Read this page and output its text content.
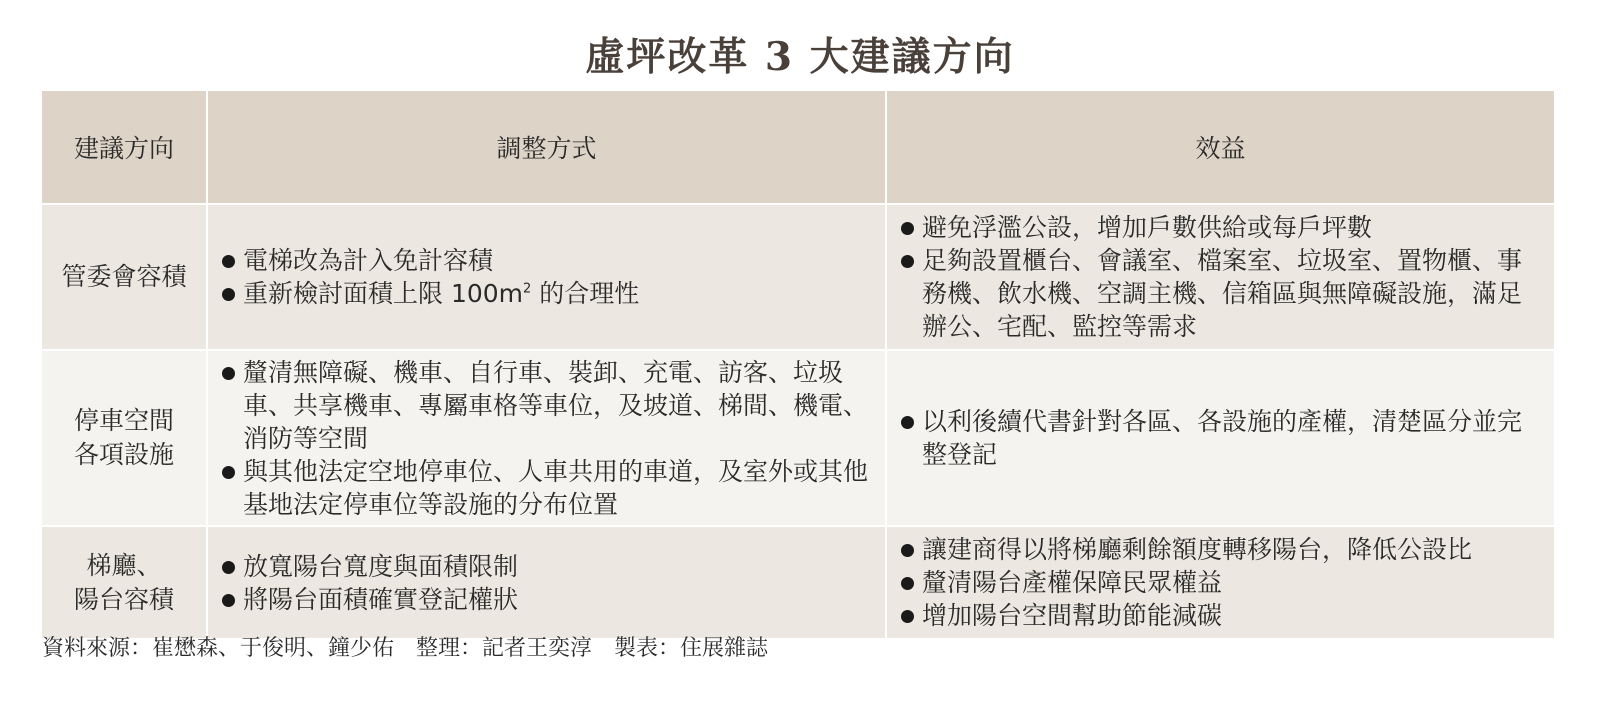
虛坪改革 3 大建議方向
建議方向	調整方式	效益
管委會容積
電梯改為計入免計容積
重新檢討面積上限 $100m^2$ 的合理性
避免浮濫公設，增加戶數供給或每戶坪數
足夠設置櫃台、會議室、檔案室、垃圾室、置物櫃、事務機、飲水機、空調主機、信箱區與無障礙設施，滿足辦公、宅配、監控等需求
停車空間
各項設施
釐清無障礙、機車、自行車、裝卸、充電、訪客、垃圾車、共享機車、專屬車格等車位，及坡道、梯間、機電、消防等空間
與其他法定空地停車位、人車共用的車道，及室外或其他基地法定停車位等設施的分布位置
以利後續代書針對各區、各設施的產權，清楚區分並完整登記
梯廳、
陽台容積
放寬陽台寬度與面積限制
將陽台面積確實登記權狀
讓建商得以將梯廳剩餘額度轉移陽台，降低公設比
釐清陽台產權保障民眾權益
增加陽台空間幫助節能減碳
資料來源：崔懋森、于俊明、鐘少佑　整理：記者王奕淳　製表：住展雜誌
